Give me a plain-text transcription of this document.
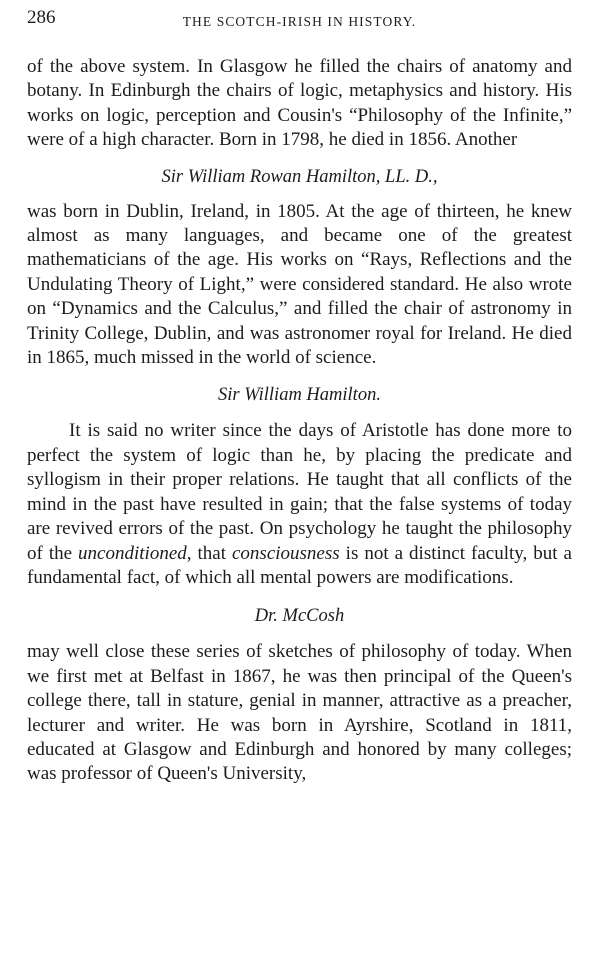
286	THE SCOTCH-IRISH IN HISTORY.

of the above system. In Glasgow he filled the chairs of anatomy and botany. In Edinburgh the chairs of logic, metaphysics and history. His works on logic, perception and Cousin's “Philosophy of the Infinite,” were of a high character. Born in 1798, he died in 1856. Another

Sir William Rowan Hamilton, LL. D.,

was born in Dublin, Ireland, in 1805. At the age of thirteen, he knew almost as many languages, and became one of the greatest mathematicians of the age. His works on “Rays, Reflections and the Undulating Theory of Light,” were considered standard. He also wrote on “Dynamics and the Calculus,” and filled the chair of astronomy in Trinity College, Dublin, and was astronomer royal for Ireland. He died in 1865, much missed in the world of science.

Sir William Hamilton.

It is said no writer since the days of Aristotle has done more to perfect the system of logic than he, by placing the predicate and syllogism in their proper relations. He taught that all conflicts of the mind in the past have resulted in gain; that the false systems of today are revived errors of the past. On psychology he taught the philosophy of the unconditioned, that consciousness is not a distinct faculty, but a fundamental fact, of which all mental powers are modifications.

Dr. McCosh

may well close these series of sketches of philosophy of today. When we first met at Belfast in 1867, he was then principal of the Queen's college there, tall in stature, genial in manner, attractive as a preacher, lecturer and writer. He was born in Ayrshire, Scotland in 1811, educated at Glasgow and Edinburgh and honored by many colleges; was professor of Queen's University,
